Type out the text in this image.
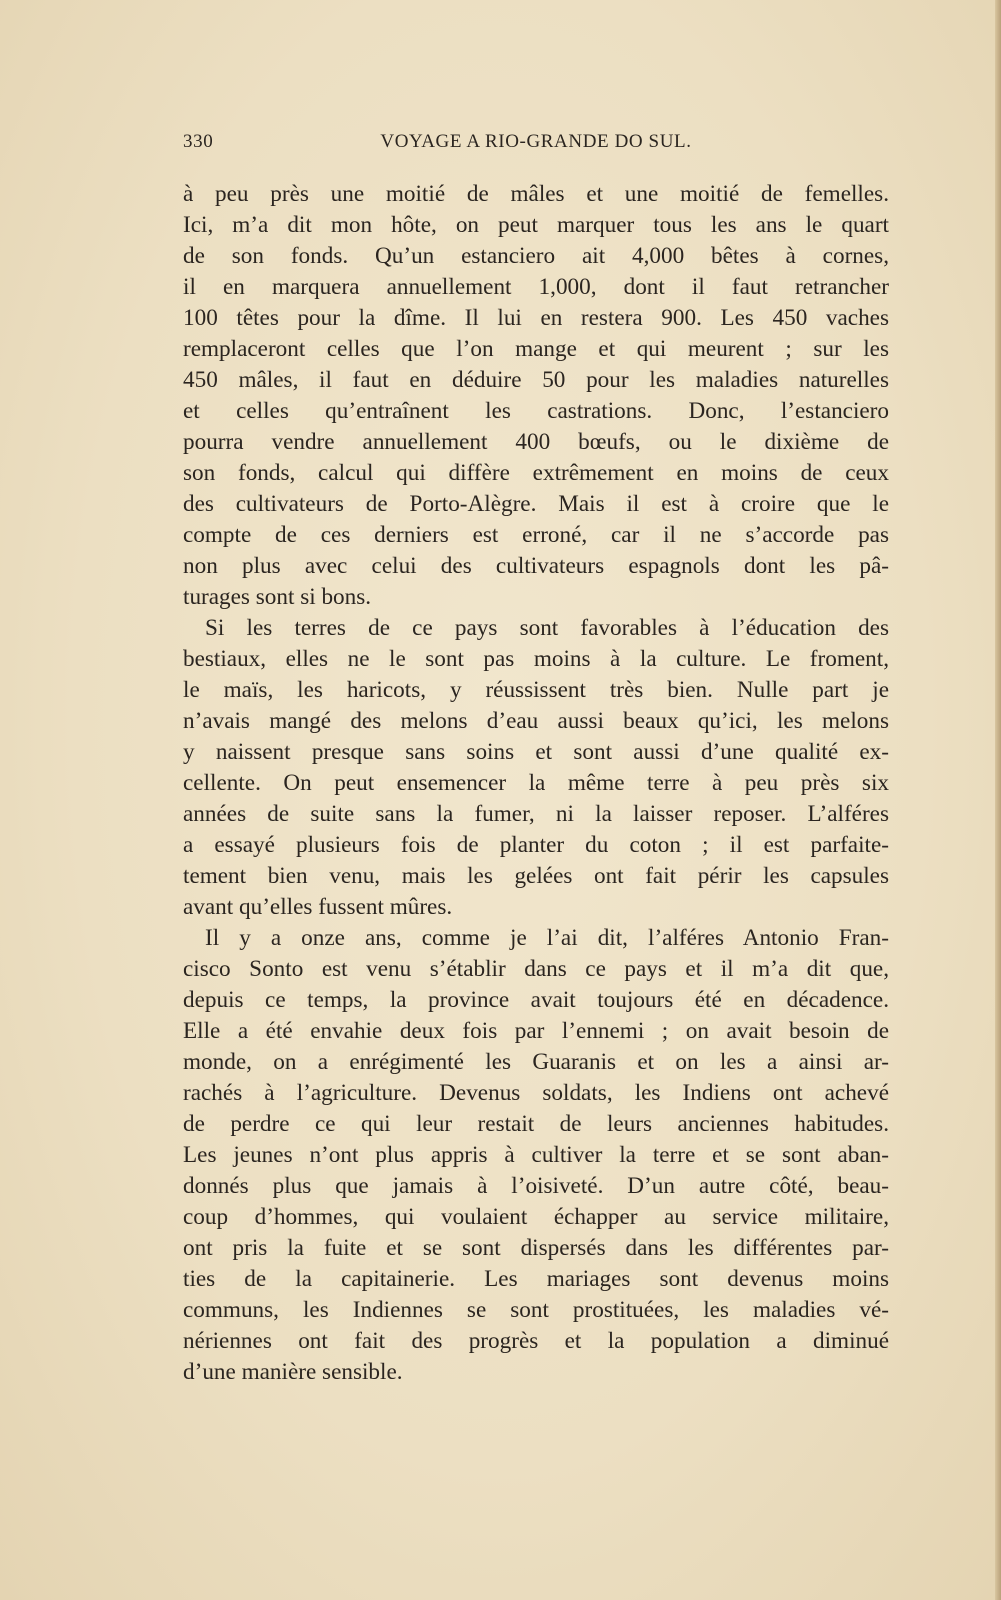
330	VOYAGE A RIO-GRANDE DO SUL.
à peu près une moitié de mâles et une moitié de femelles.
Ici, m’a dit mon hôte, on peut marquer tous les ans le quart
de son fonds. Qu’un estanciero ait 4,000 bêtes à cornes,
il en marquera annuellement 1,000, dont il faut retrancher
100 têtes pour la dîme. Il lui en restera 900. Les 450 vaches
remplaceront celles que l’on mange et qui meurent ; sur les
450 mâles, il faut en déduire 50 pour les maladies naturelles
et celles qu’entraînent les castrations. Donc, l’estanciero
pourra vendre annuellement 400 bœufs, ou le dixième de
son fonds, calcul qui diffère extrêmement en moins de ceux
des cultivateurs de Porto-Alègre. Mais il est à croire que le
compte de ces derniers est erroné, car il ne s’accorde pas
non plus avec celui des cultivateurs espagnols dont les pâ-
turages sont si bons.
Si les terres de ce pays sont favorables à l’éducation des
bestiaux, elles ne le sont pas moins à la culture. Le froment,
le maïs, les haricots, y réussissent très bien. Nulle part je
n’avais mangé des melons d’eau aussi beaux qu’ici, les melons
y naissent presque sans soins et sont aussi d’une qualité ex-
cellente. On peut ensemencer la même terre à peu près six
années de suite sans la fumer, ni la laisser reposer. L’alféres
a essayé plusieurs fois de planter du coton ; il est parfaite-
tement bien venu, mais les gelées ont fait périr les capsules
avant qu’elles fussent mûres.
Il y a onze ans, comme je l’ai dit, l’alféres Antonio Fran-
cisco Sonto est venu s’établir dans ce pays et il m’a dit que,
depuis ce temps, la province avait toujours été en décadence.
Elle a été envahie deux fois par l’ennemi ; on avait besoin de
monde, on a enrégimenté les Guaranis et on les a ainsi ar-
rachés à l’agriculture. Devenus soldats, les Indiens ont achevé
de perdre ce qui leur restait de leurs anciennes habitudes.
Les jeunes n’ont plus appris à cultiver la terre et se sont aban-
donnés plus que jamais à l’oisiveté. D’un autre côté, beau-
coup d’hommes, qui voulaient échapper au service militaire,
ont pris la fuite et se sont dispersés dans les différentes par-
ties de la capitainerie. Les mariages sont devenus moins
communs, les Indiennes se sont prostituées, les maladies vé-
nériennes ont fait des progrès et la population a diminué
d’une manière sensible.
